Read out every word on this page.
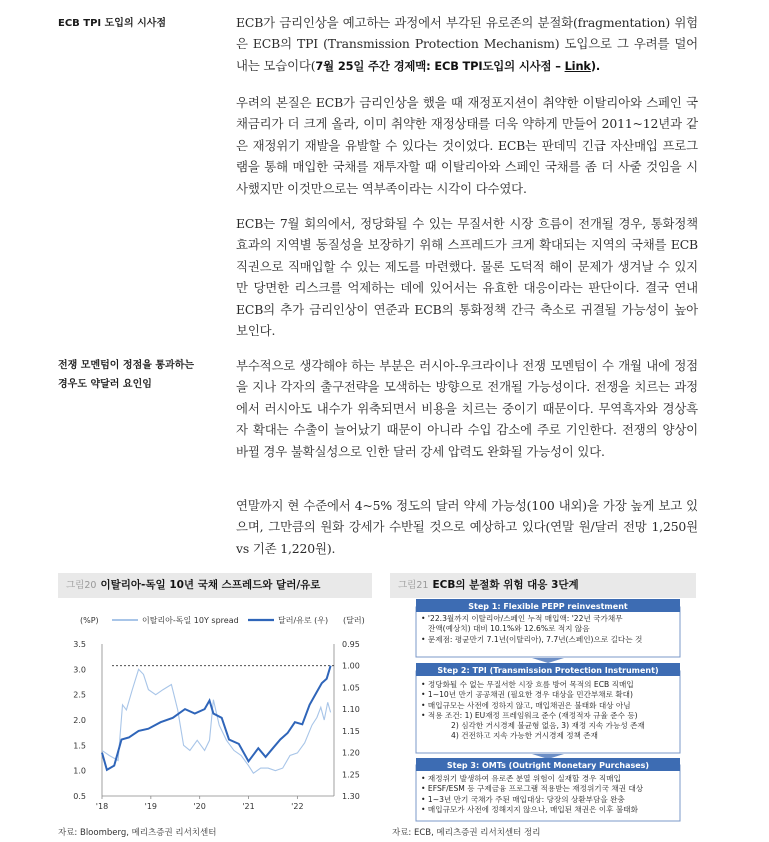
ECB TPI 도입의 시사점	ECB가 금리인상을 예고하는 과정에서 부각된 유로존의 분절화(fragmentation) 위험은 ECB의 TPI (Transmission Protection Mechanism) 도입으로 그 우려를 덜어내는 모습이다(7월 25일 주간 경제맥: ECB TPI도입의 시사점 – Link).
우려의 본질은 ECB가 금리인상을 했을 때 재정포지션이 취약한 이탈리아와 스페인 국채금리가 더 크게 올라, 이미 취약한 재정상태를 더욱 약하게 만들어 2011~12년과 같은 재정위기 재발을 유발할 수 있다는 것이었다. ECB는 판데믹 긴급 자산매입 프로그램을 통해 매입한 국채를 재투자할 때 이탈리아와 스페인 국채를 좀 더 사줄 것임을 시사했지만 이것만으로는 역부족이라는 시각이 다수였다.
ECB는 7월 회의에서, 정당화될 수 있는 무질서한 시장 흐름이 전개될 경우, 통화정책 효과의 지역별 동질성을 보장하기 위해 스프레드가 크게 확대되는 지역의 국채를 ECB 직권으로 직매입할 수 있는 제도를 마련했다. 물론 도덕적 해이 문제가 생겨날 수 있지만 당면한 리스크를 억제하는 데에 있어서는 유효한 대응이라는 판단이다. 결국 연내 ECB의 추가 금리인상이 연준과 ECB의 통화정책 간극 축소로 귀결될 가능성이 높아 보인다.
전쟁 모멘텀이 정점을 통과하는
경우도 약달러 요인임
부수적으로 생각해야 하는 부분은 러시아-우크라이나 전쟁 모멘텀이 수 개월 내에 정점을 지나 각자의 출구전략을 모색하는 방향으로 전개될 가능성이다. 전쟁을 치르는 과정에서 러시아도 내수가 위축되면서 비용을 치르는 중이기 때문이다. 무역흑자와 경상흑자 확대는 수출이 늘어났기 때문이 아니라 수입 감소에 주로 기인한다. 전쟁의 양상이 바뀔 경우 불확실성으로 인한 달러 강세 압력도 완화될 가능성이 있다.
연말까지 현 수준에서 4~5% 정도의 달러 약세 가능성(100 내외)을 가장 높게 보고 있으며, 그만큼의 원화 강세가 수반될 것으로 예상하고 있다(연말 원/달러 전망 1,250원 vs 기존 1,220원).
그림20 이탈리아-독일 10년 국채 스프레드와 달러/유로
이탈리아-독일 10Y spread	달러/유로 (우)
(%P)	(달러)
3.5
3.0
2.5
2.0
1.5
1.0
0.5
0.95
1.00
1.05
1.10
1.15
1.20
1.25
1.30
'18	'19	'20	'21	'22
자료: Bloomberg, 메리츠증권 리서치센터
그림21 ECB의 분절화 위험 대응 3단계
Step 1: Flexible PEPP reinvestment
Step 2: TPI (Transmission Protection Instrument)
Step 3: OMTs (Outright Monetary Purchases)
• '22.3월까지 이탈리아/스페인 누적 매입액: '22년 국가채무
잔액(예상치) 대비 10.1%와 12.6%로 적지 않음
• 문제점: 평균만기 7.1년(이탈리아), 7.7년(스페인)으로 길다는 것
• 정당화될 수 없는 무질서한 시장 흐름 방어 목적의 ECB 직매입
• 1~10년 만기 공공채권 (필요한 경우 대상을 민간부채로 확대)
• 매입규모는 사전에 정하지 않고, 매입채권은 불태화 대상 아님
• 적용 조건: 1) EU재정 프레임워크 준수 (재정적자 규율 준수 등)
2) 심각한 거시경제 불균형 없음, 3) 재정 지속 가능성 존재
4) 건전하고 지속 가능한 거시경제 정책 존재
• 재정위기 발생하여 유로존 분열 위험이 실재할 경우 직매입
• EFSF/ESM 등 구제금융 프로그램 적용받는 재정위기국 채권 대상
• 1~3년 만기 국채가 주된 매입대상: 당장의 상환부담을 완충
• 매입규모가 사전에 정해지지 않으나, 매입된 채권은 이후 불태화
자료: ECB, 메리츠증권 리서치센터 정리
